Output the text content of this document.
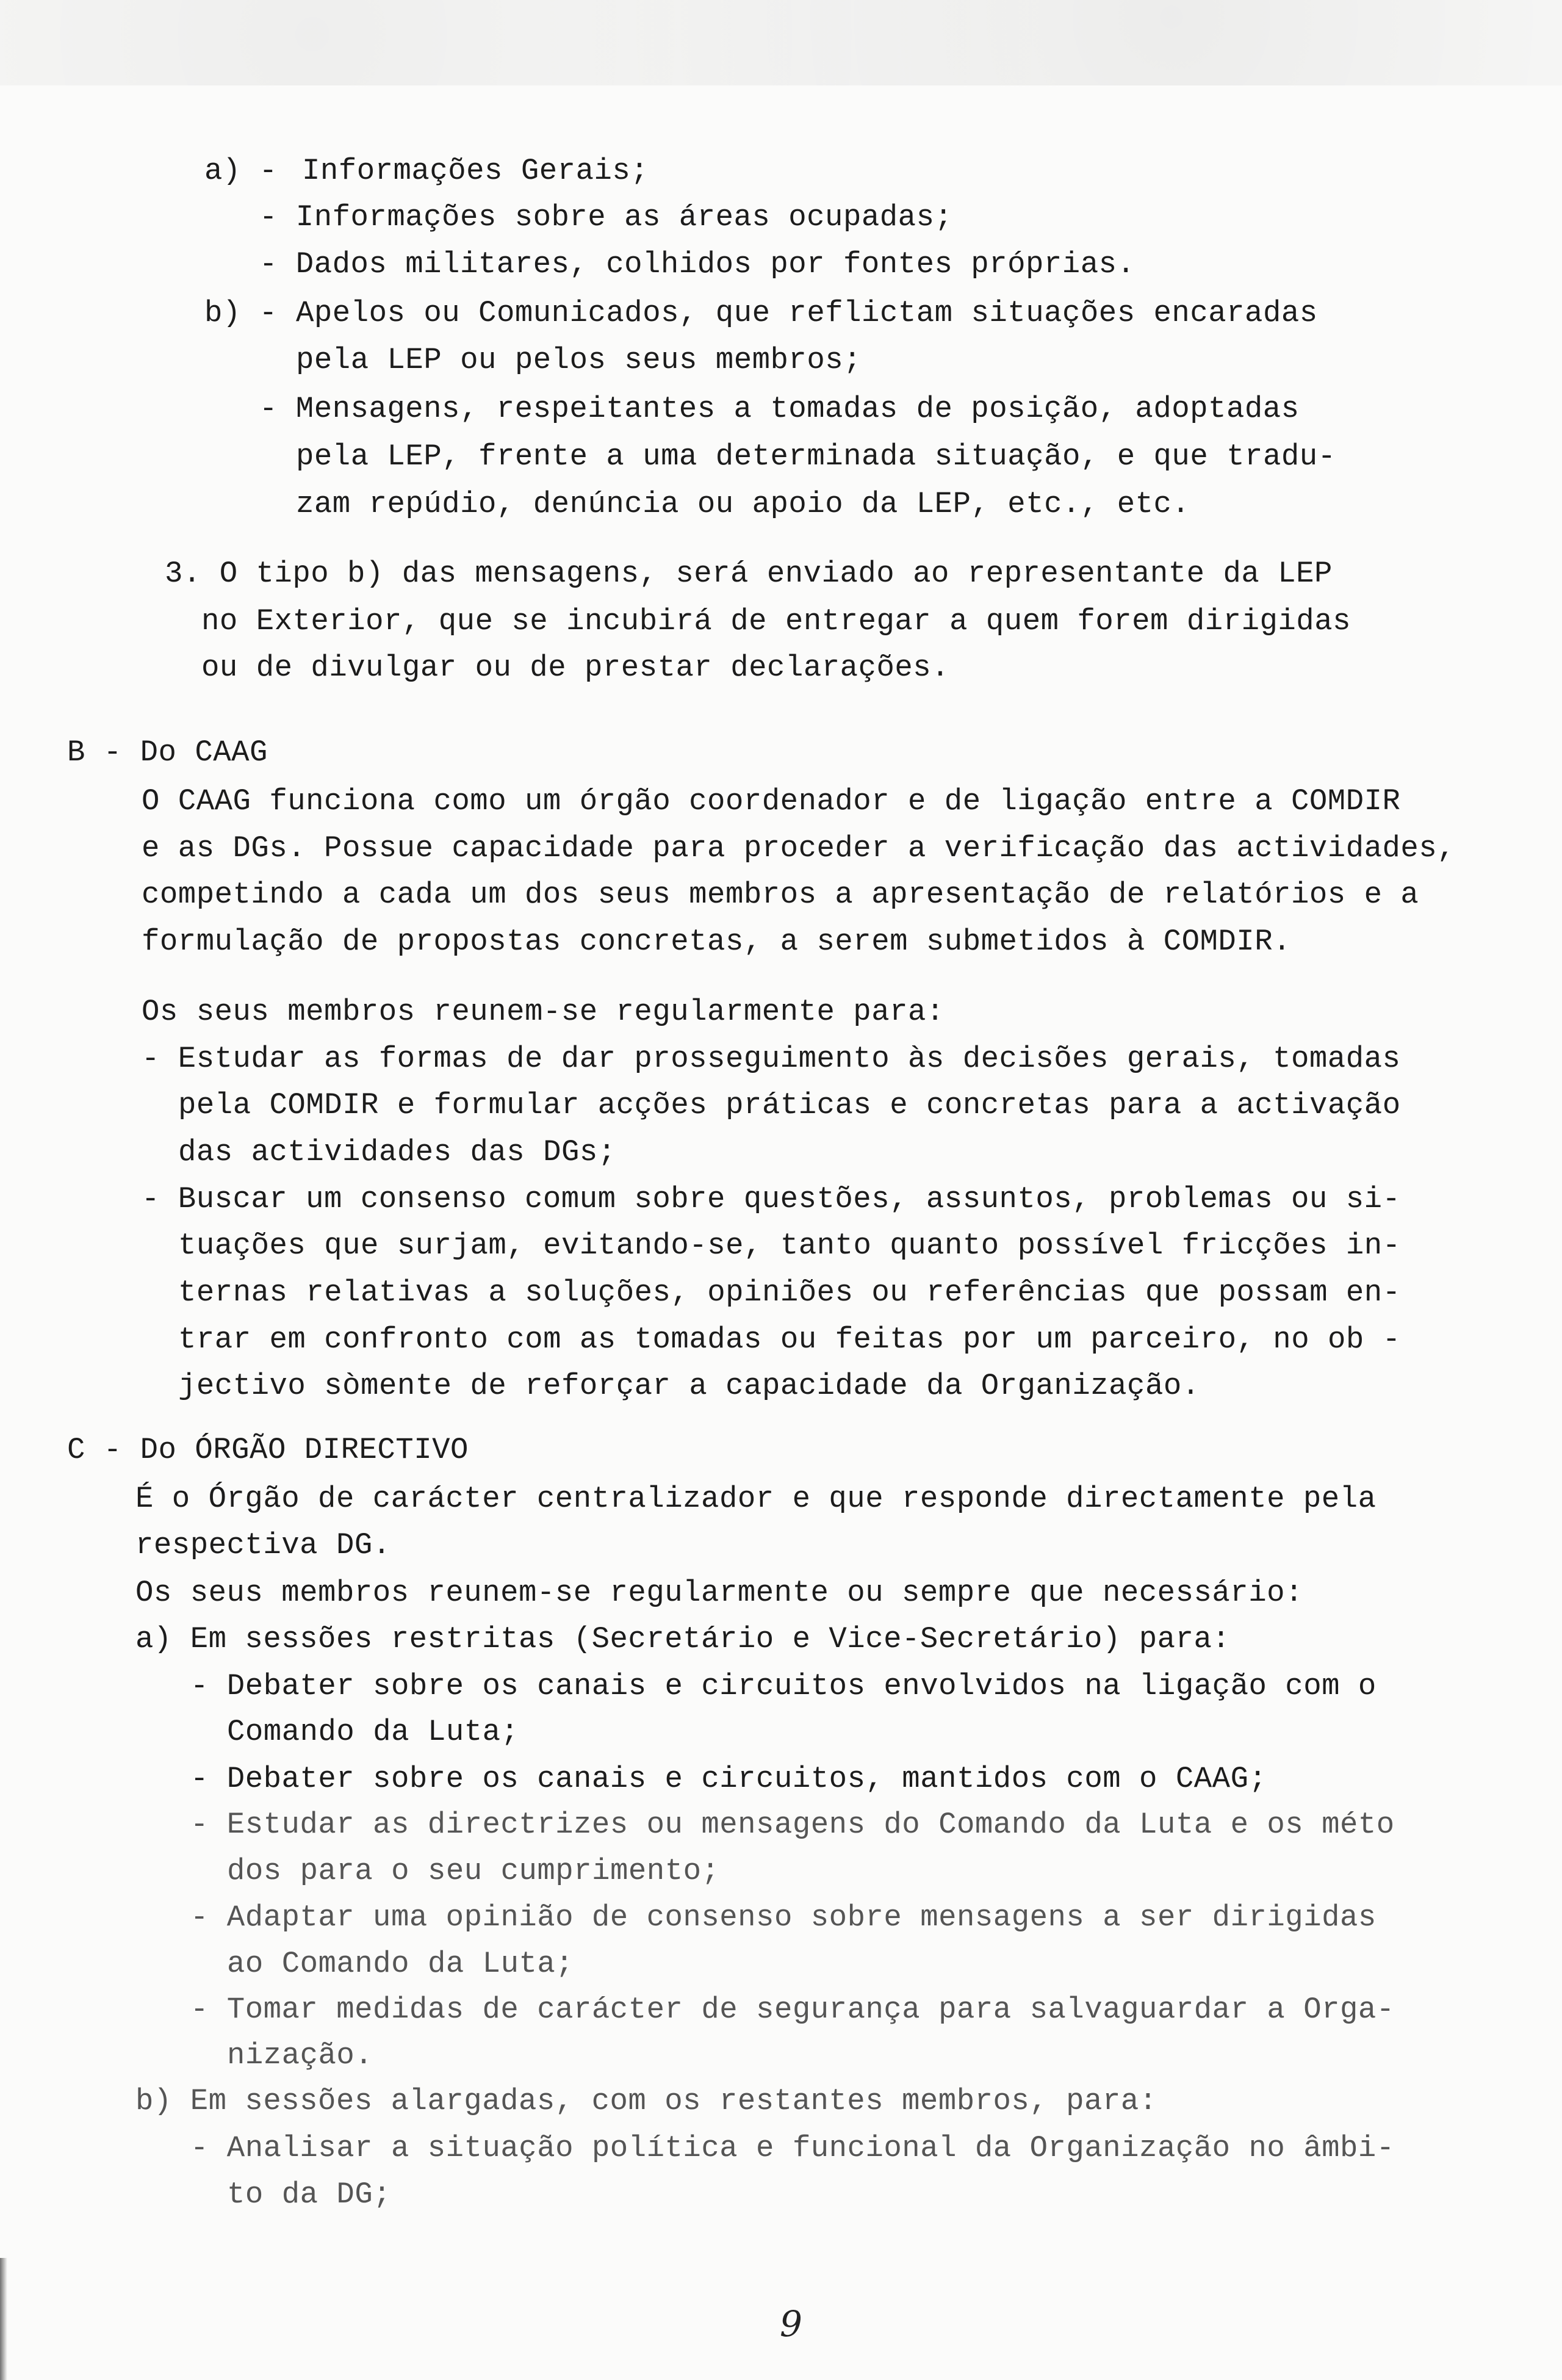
a) - Informações Gerais;
- Informações sobre as áreas ocupadas;
- Dados militares, colhidos por fontes próprias.
b) - Apelos ou Comunicados, que reflictam situações encaradas
pela LEP ou pelos seus membros;
- Mensagens, respeitantes a tomadas de posição, adoptadas
pela LEP, frente a uma determinada situação, e que tradu-
zam repúdio, denúncia ou apoio da LEP, etc., etc.
3. O tipo b) das mensagens, será enviado ao representante da LEP
no Exterior, que se incubirá de entregar a quem forem dirigidas
ou de divulgar ou de prestar declarações.
B - Do CAAG
O CAAG funciona como um órgão coordenador e de ligação entre a COMDIR
e as DGs. Possue capacidade para proceder a verificação das actividades,
competindo a cada um dos seus membros a apresentação de relatórios e a
formulação de propostas concretas, a serem submetidos à COMDIR.
Os seus membros reunem-se regularmente para:
- Estudar as formas de dar prosseguimento às decisões gerais, tomadas
pela COMDIR e formular acções práticas e concretas para a activação
das actividades das DGs;
- Buscar um consenso comum sobre questões, assuntos, problemas ou si-
tuações que surjam, evitando-se, tanto quanto possível fricções in-
ternas relativas a soluções, opiniões ou referências que possam en-
trar em confronto com as tomadas ou feitas por um parceiro, no ob -
jectivo sòmente de reforçar a capacidade da Organização.
C - Do ÓRGÃO DIRECTIVO
É o Órgão de carácter centralizador e que responde directamente pela
respectiva DG.
Os seus membros reunem-se regularmente ou sempre que necessário:
a) Em sessões restritas (Secretário e Vice-Secretário) para:
- Debater sobre os canais e circuitos envolvidos na ligação com o
Comando da Luta;
- Debater sobre os canais e circuitos, mantidos com o CAAG;
- Estudar as directrizes ou mensagens do Comando da Luta e os méto
dos para o seu cumprimento;
- Adaptar uma opinião de consenso sobre mensagens a ser dirigidas
ao Comando da Luta;
- Tomar medidas de carácter de segurança para salvaguardar a Orga-
nização.
b) Em sessões alargadas, com os restantes membros, para:
- Analisar a situação política e funcional da Organização no âmbi-
to da DG;
9
